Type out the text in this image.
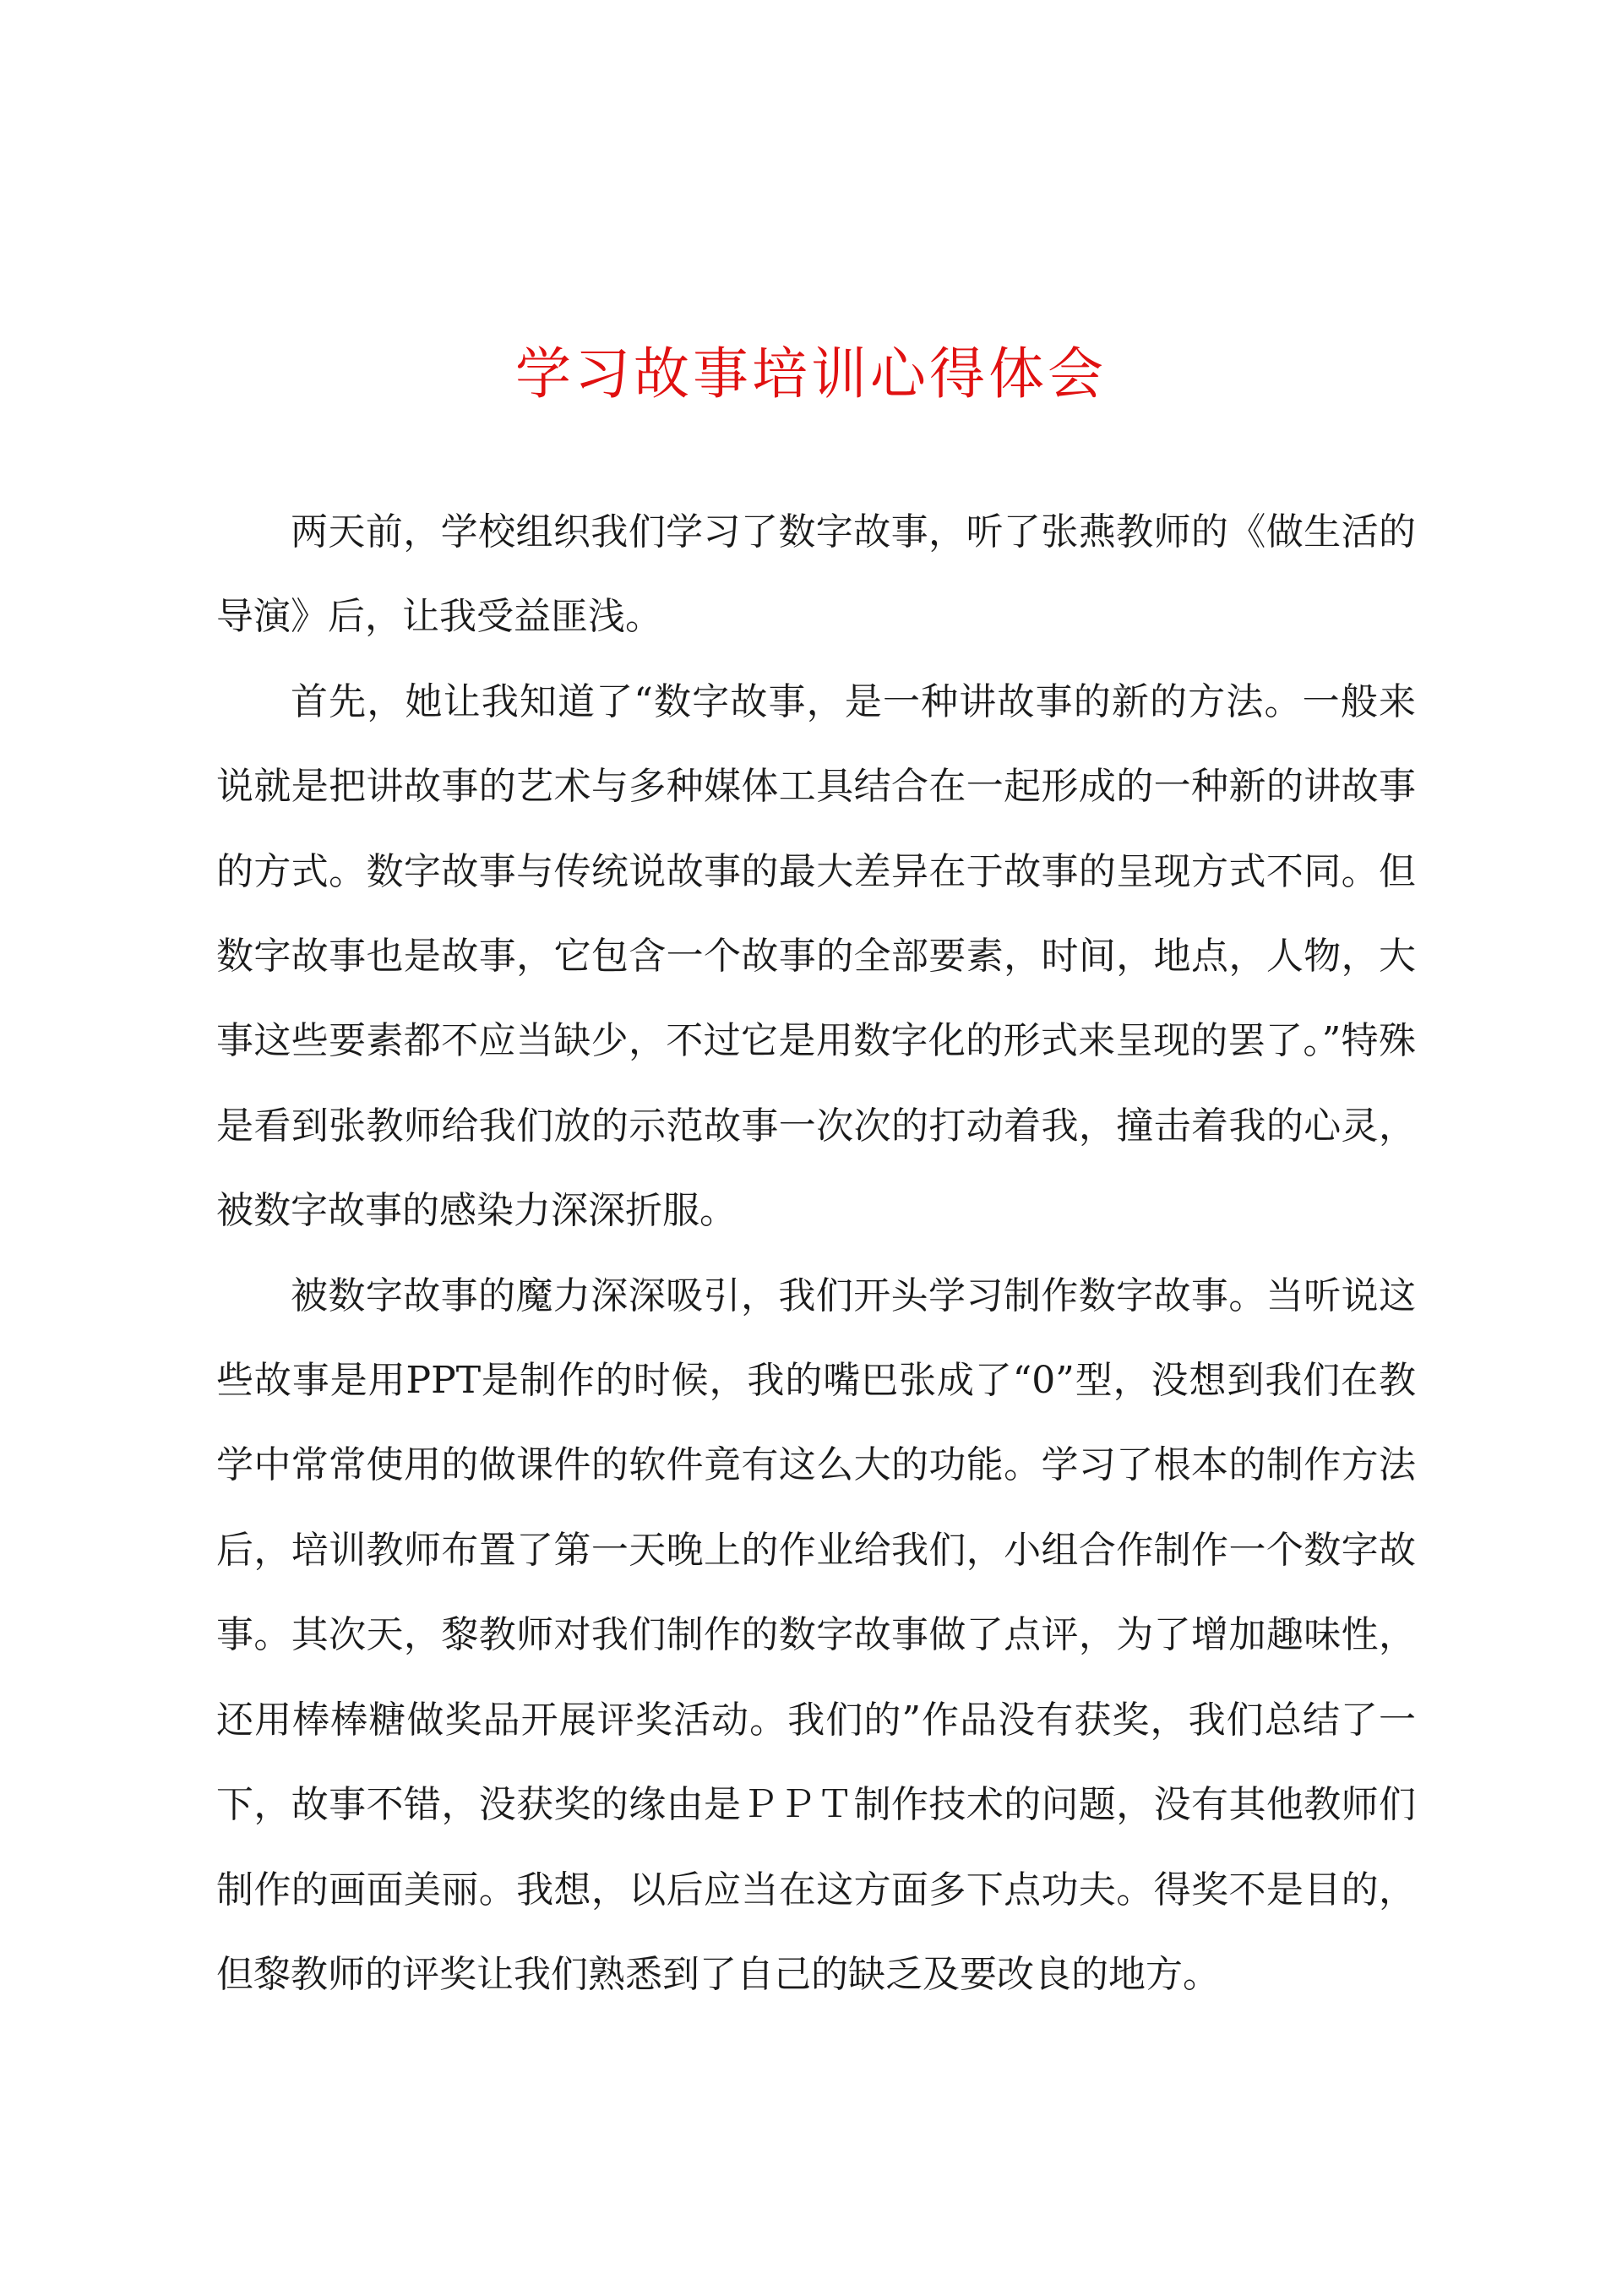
学习故事培训心得体会

两天前，学校组织我们学习了数字故事，听了张燕教师的《做生活的导演》后，让我受益匪浅。

首先，她让我知道了“数字故事，是一种讲故事的新的方法。一般来说就是把讲故事的艺术与多种媒体工具结合在一起形成的一种新的讲故事的方式。数字故事与传统说故事的最大差异在于故事的呈现方式不同。但数字故事也是故事，它包含一个故事的全部要素，时间，地点，人物，大事这些要素都不应当缺少，不过它是用数字化的形式来呈现的罢了。”特殊是看到张教师给我们放的示范故事一次次的打动着我，撞击着我的心灵，被数字故事的感染力深深折服。

被数字故事的魔力深深吸引，我们开头学习制作数字故事。当听说这些故事是用PPT是制作的时候，我的嘴巴张成了“0”型，没想到我们在教学中常常使用的做课件的软件竟有这么大的功能。学习了根本的制作方法后，培训教师布置了第一天晚上的作业给我们，小组合作制作一个数字故事。其次天，黎教师对我们制作的数字故事做了点评，为了增加趣味性，还用棒棒糖做奖品开展评奖活动。我们的”作品没有获奖，我们总结了一下，故事不错，没获奖的缘由是ＰＰＴ制作技术的问题，没有其他教师们制作的画面美丽。我想，以后应当在这方面多下点功夫。得奖不是目的，但黎教师的评奖让我们熟悉到了自己的缺乏及要改良的地方。
